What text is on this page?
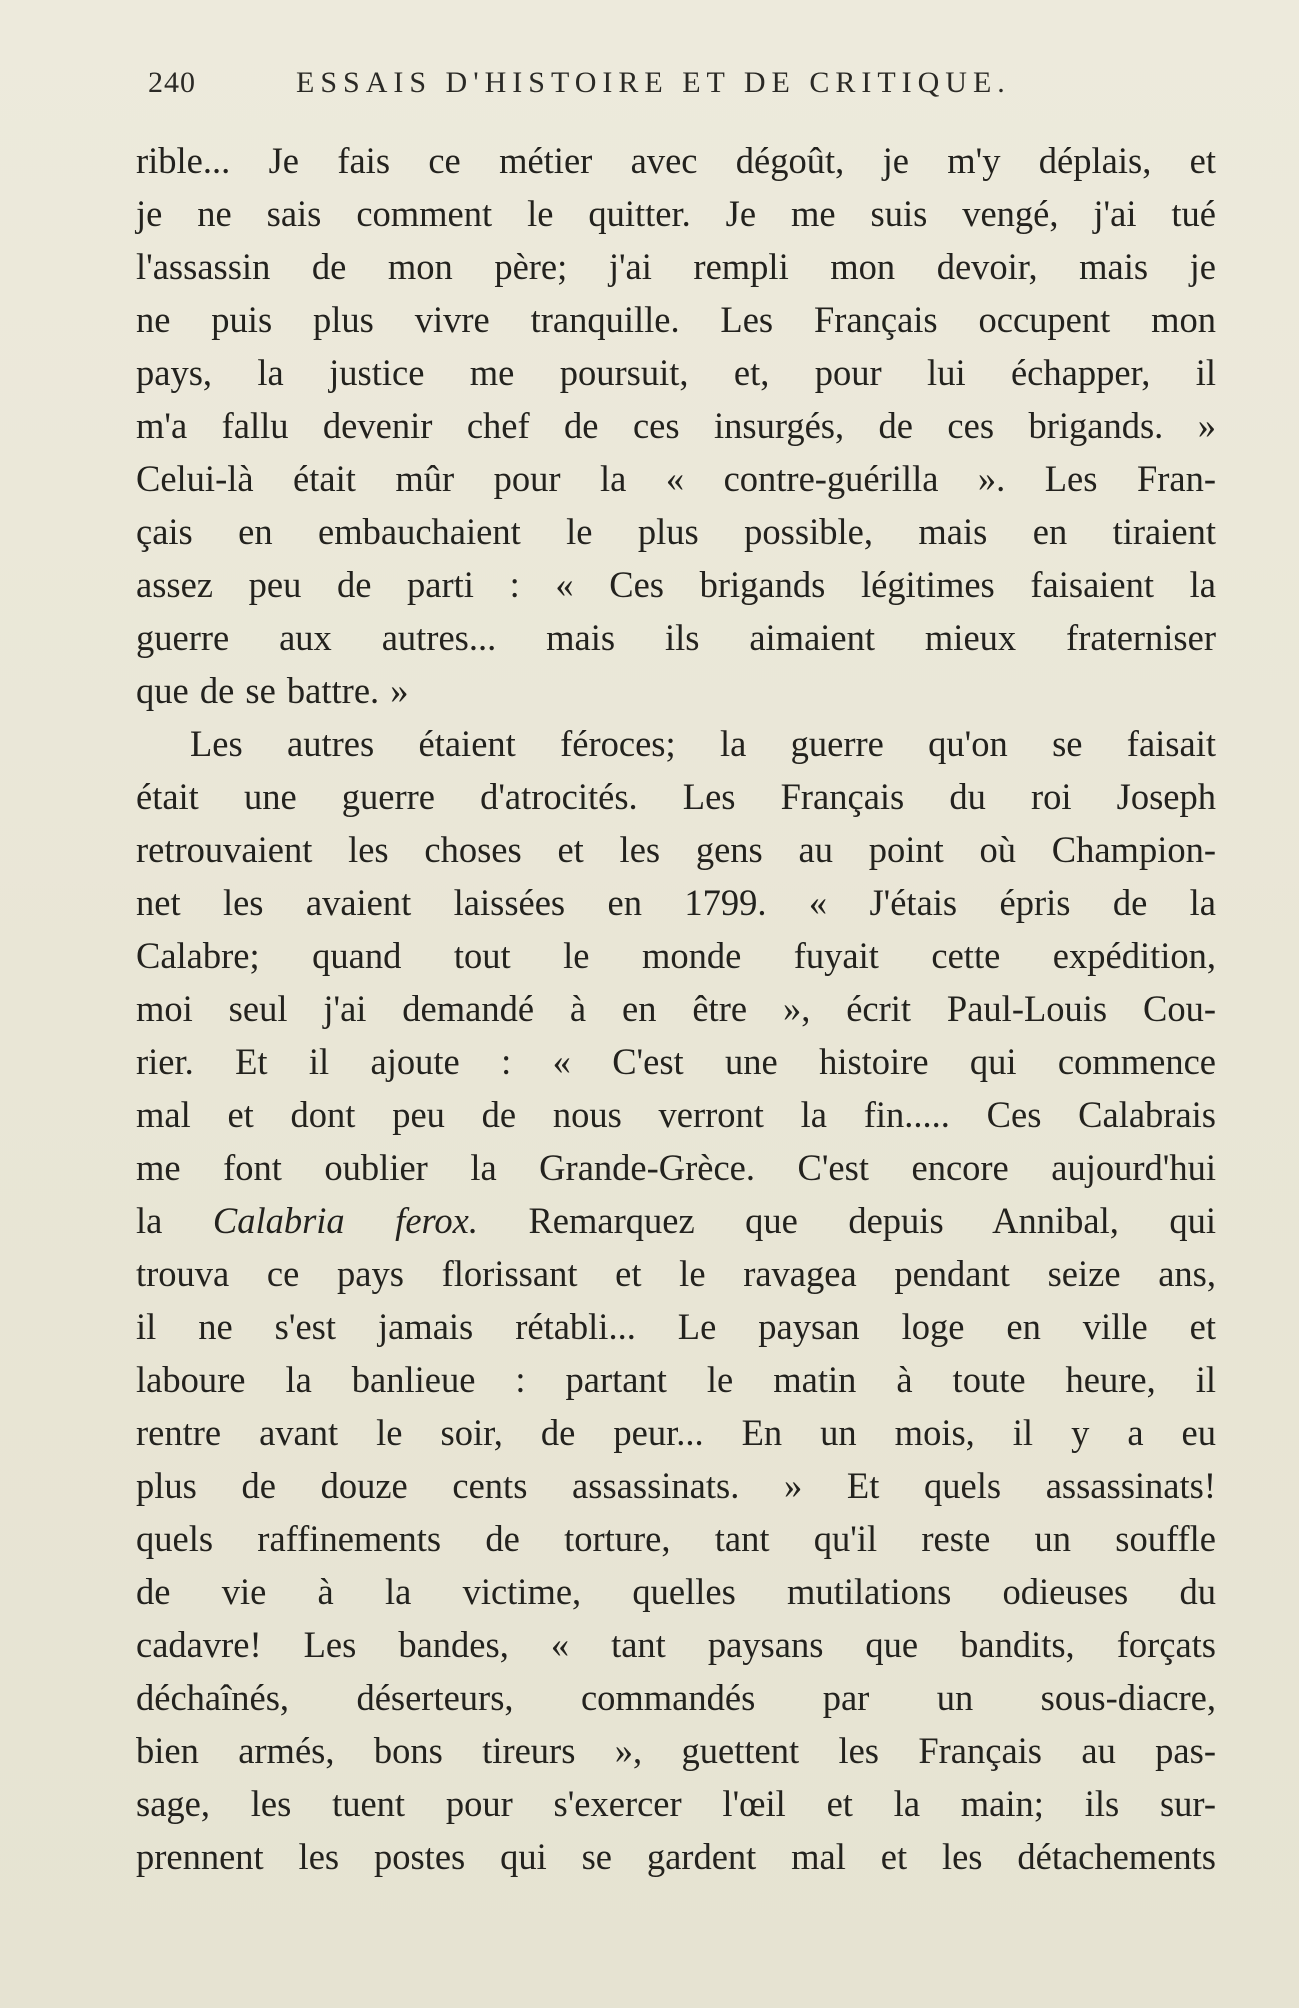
240	ESSAIS D'HISTOIRE ET DE CRITIQUE.
rible... Je fais ce métier avec dégoût, je m'y déplais, et
je ne sais comment le quitter. Je me suis vengé, j'ai tué
l'assassin de mon père; j'ai rempli mon devoir, mais je
ne puis plus vivre tranquille. Les Français occupent mon
pays, la justice me poursuit, et, pour lui échapper, il
m'a fallu devenir chef de ces insurgés, de ces brigands. »
Celui-là était mûr pour la « contre-guérilla ». Les Fran-
çais en embauchaient le plus possible, mais en tiraient
assez peu de parti : « Ces brigands légitimes faisaient la
guerre aux autres... mais ils aimaient mieux fraterniser
que de se battre. »
Les autres étaient féroces; la guerre qu'on se faisait
était une guerre d'atrocités. Les Français du roi Joseph
retrouvaient les choses et les gens au point où Champion-
net les avaient laissées en 1799. « J'étais épris de la
Calabre; quand tout le monde fuyait cette expédition,
moi seul j'ai demandé à en être », écrit Paul-Louis Cou-
rier. Et il ajoute : « C'est une histoire qui commence
mal et dont peu de nous verront la fin..... Ces Calabrais
me font oublier la Grande-Grèce. C'est encore aujourd'hui
la Calabria ferox. Remarquez que depuis Annibal, qui
trouva ce pays florissant et le ravagea pendant seize ans,
il ne s'est jamais rétabli... Le paysan loge en ville et
laboure la banlieue : partant le matin à toute heure, il
rentre avant le soir, de peur... En un mois, il y a eu
plus de douze cents assassinats. » Et quels assassinats!
quels raffinements de torture, tant qu'il reste un souffle
de vie à la victime, quelles mutilations odieuses du
cadavre! Les bandes, « tant paysans que bandits, forçats
déchaînés, déserteurs, commandés par un sous-diacre,
bien armés, bons tireurs », guettent les Français au pas-
sage, les tuent pour s'exercer l'œil et la main; ils sur-
prennent les postes qui se gardent mal et les détachements
